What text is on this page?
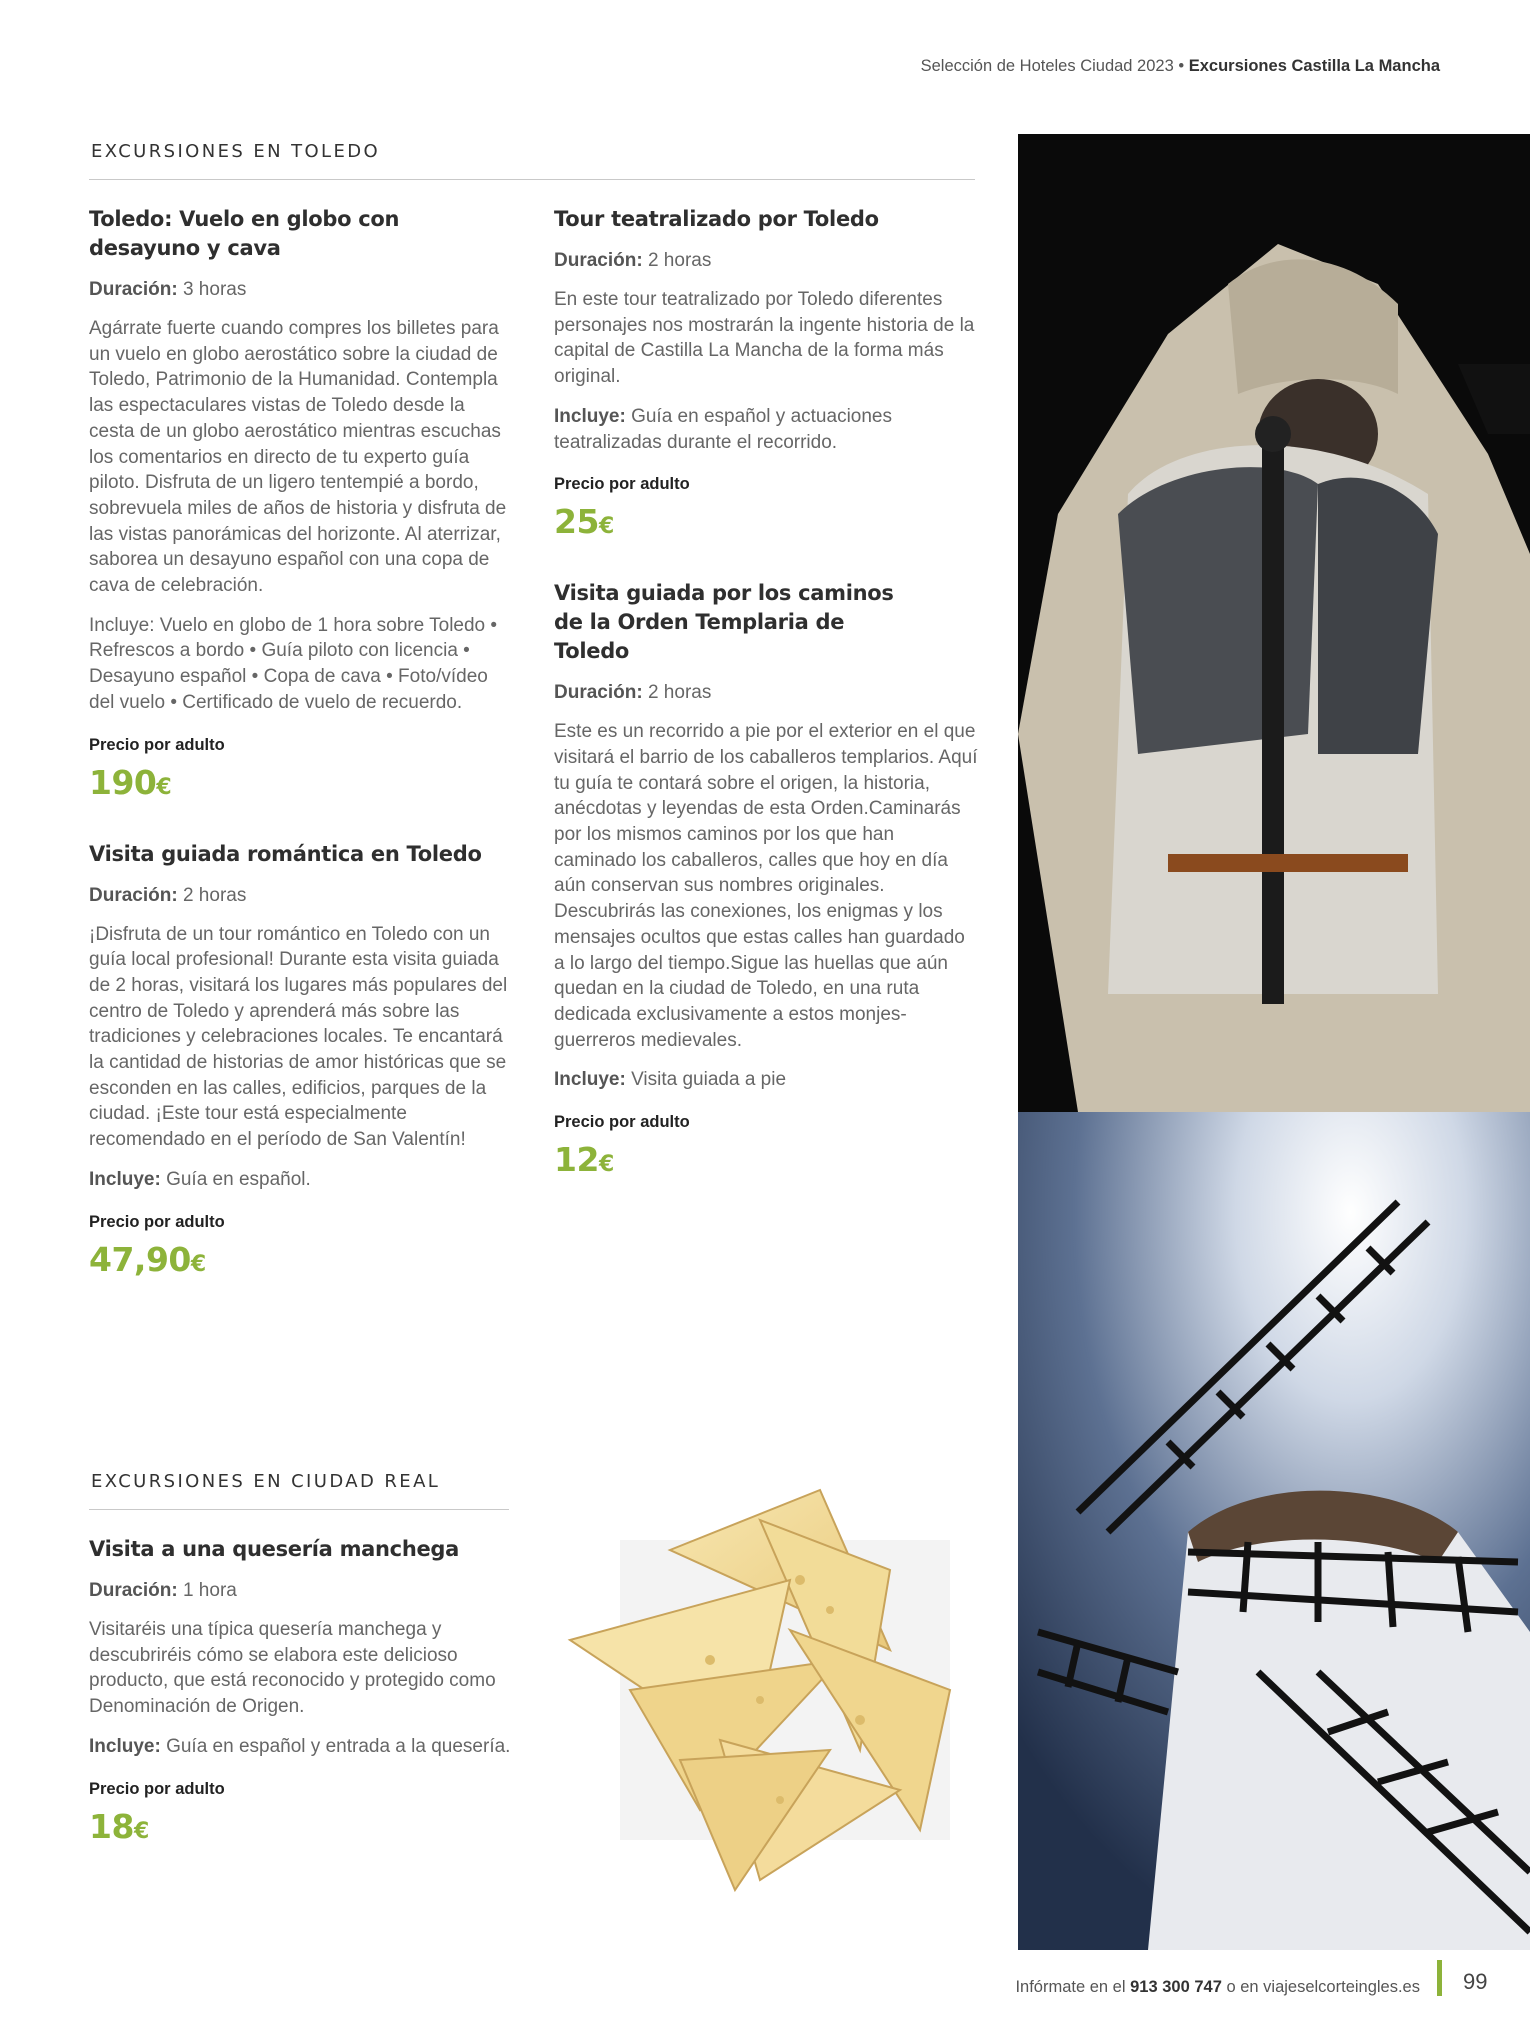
Selección de Hoteles Ciudad 2023 • Excursiones Castilla La Mancha
EXCURSIONES EN TOLEDO
Toledo: Vuelo en globo con desayuno y cava
Duración: 3 horas
Agárrate fuerte cuando compres los billetes para un vuelo en globo aerostático sobre la ciudad de Toledo, Patrimonio de la Humanidad. Contempla las espectaculares vistas de Toledo desde la cesta de un globo aerostático mientras escuchas los comentarios en directo de tu experto guía piloto. Disfruta de un ligero tentempié a bordo, sobrevuela miles de años de historia y disfruta de las vistas panorámicas del horizonte. Al aterrizar, saborea un desayuno español con una copa de cava de celebración.
Incluye: Vuelo en globo de 1 hora sobre Toledo • Refrescos a bordo • Guía piloto con licencia • Desayuno español • Copa de cava • Foto/vídeo del vuelo • Certificado de vuelo de recuerdo.
Precio por adulto
190€
Visita guiada romántica en Toledo
Duración: 2 horas
¡Disfruta de un tour romántico en Toledo con un guía local profesional! Durante esta visita guiada de 2 horas, visitará los lugares más populares del centro de Toledo y aprenderá más sobre las tradiciones y celebraciones locales. Te encantará la cantidad de historias de amor históricas que se esconden en las calles, edificios, parques de la ciudad. ¡Este tour está especialmente recomendado en el período de San Valentín!
Incluye: Guía en español.
Precio por adulto
47,90€
Tour teatralizado por Toledo
Duración: 2 horas
En este tour teatralizado por Toledo diferentes personajes nos mostrarán la ingente historia de la capital de Castilla La Mancha de la forma más original.
Incluye: Guía en español y actuaciones teatralizadas durante el recorrido.
Precio por adulto
25€
Visita guiada por los caminos de la Orden Templaria de Toledo
Duración: 2 horas
Este es un recorrido a pie por el exterior en el que visitará el barrio de los caballeros templarios. Aquí tu guía te contará sobre el origen, la historia, anécdotas y leyendas de esta Orden.Caminarás por los mismos caminos por los que han caminado los caballeros, calles que hoy en día aún conservan sus nombres originales. Descubrirás las conexiones, los enigmas y los mensajes ocultos que estas calles han guardado a lo largo del tiempo.Sigue las huellas que aún quedan en la ciudad de Toledo, en una ruta dedicada exclusivamente a estos monjes-guerreros medievales.
Incluye: Visita guiada a pie
Precio por adulto
12€
EXCURSIONES EN CIUDAD REAL
Visita a una quesería manchega
Duración: 1 hora
Visitaréis una típica quesería manchega y descubriréis cómo se elabora este delicioso producto, que está reconocido y protegido como Denominación de Origen.
Incluye: Guía en español y entrada a la quesería.
Precio por adulto
18€
Infórmate en el 913 300 747 o en viajeselcorteingles.es 99
